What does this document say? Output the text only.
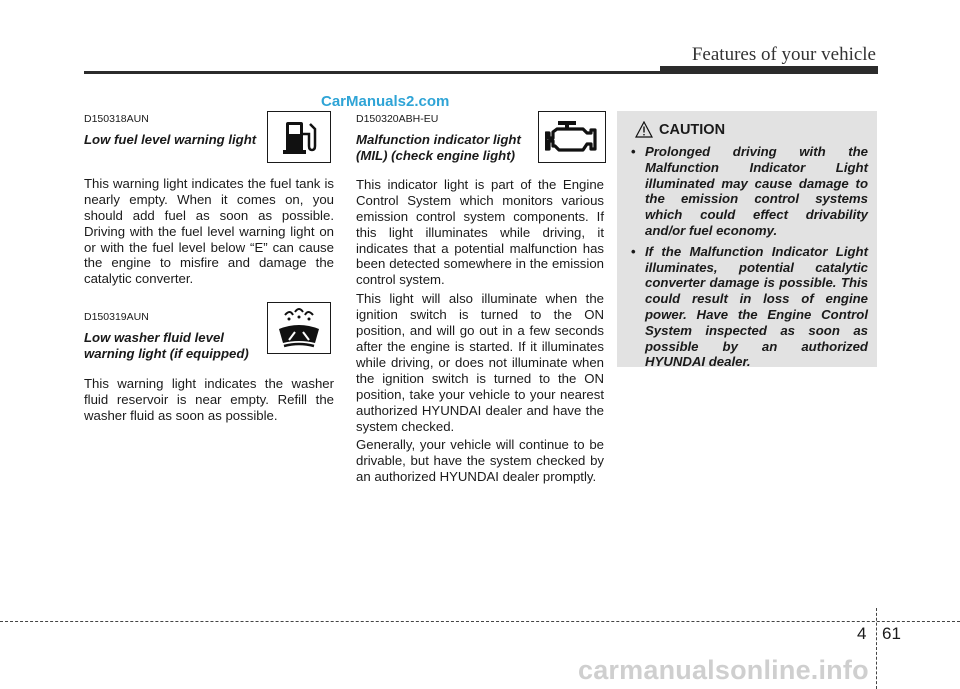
Features of your vehicle
CarManuals2.com

D150318AUN

Low fuel level warning light

This warning light indicates the fuel tank is nearly empty. When it comes on, you should add fuel as soon as possible. Driving with the fuel level warning light on or with the fuel level below “E” can cause the engine to misfire and damage the catalytic converter.

D150319AUN

Low washer fluid level

warning light (if equipped)

This warning light indicates the washer fluid reservoir is near empty. Refill the washer fluid as soon as possible.

D150320ABH-EU

Malfunction indicator light

(MIL) (check engine light)

This indicator light is part of the Engine Control System which monitors various emission control system components. If this light illuminates while driving, it indicates that a potential malfunction has been detected somewhere in the emission control system.

This light will also illuminate when the ignition switch is turned to the ON position, and will go out in a few seconds after the engine is started. If it illuminates while driving, or does not illuminate when the ignition switch is turned to the ON position, take your vehicle to your nearest authorized HYUNDAI dealer and have the system checked.

Generally, your vehicle will continue to be drivable, but have the system checked by an authorized HYUNDAI dealer promptly.

CAUTION
• Prolonged driving with the Malfunction Indicator Light illuminated may cause damage to the emission control systems which could effect drivability and/or fuel economy.
• If the Malfunction Indicator Light illuminates, potential catalytic converter damage is possible. This could result in loss of engine power. Have the Engine Control System inspected as soon as possible by an authorized HYUNDAI dealer.
4 61
carmanualsonline.info
